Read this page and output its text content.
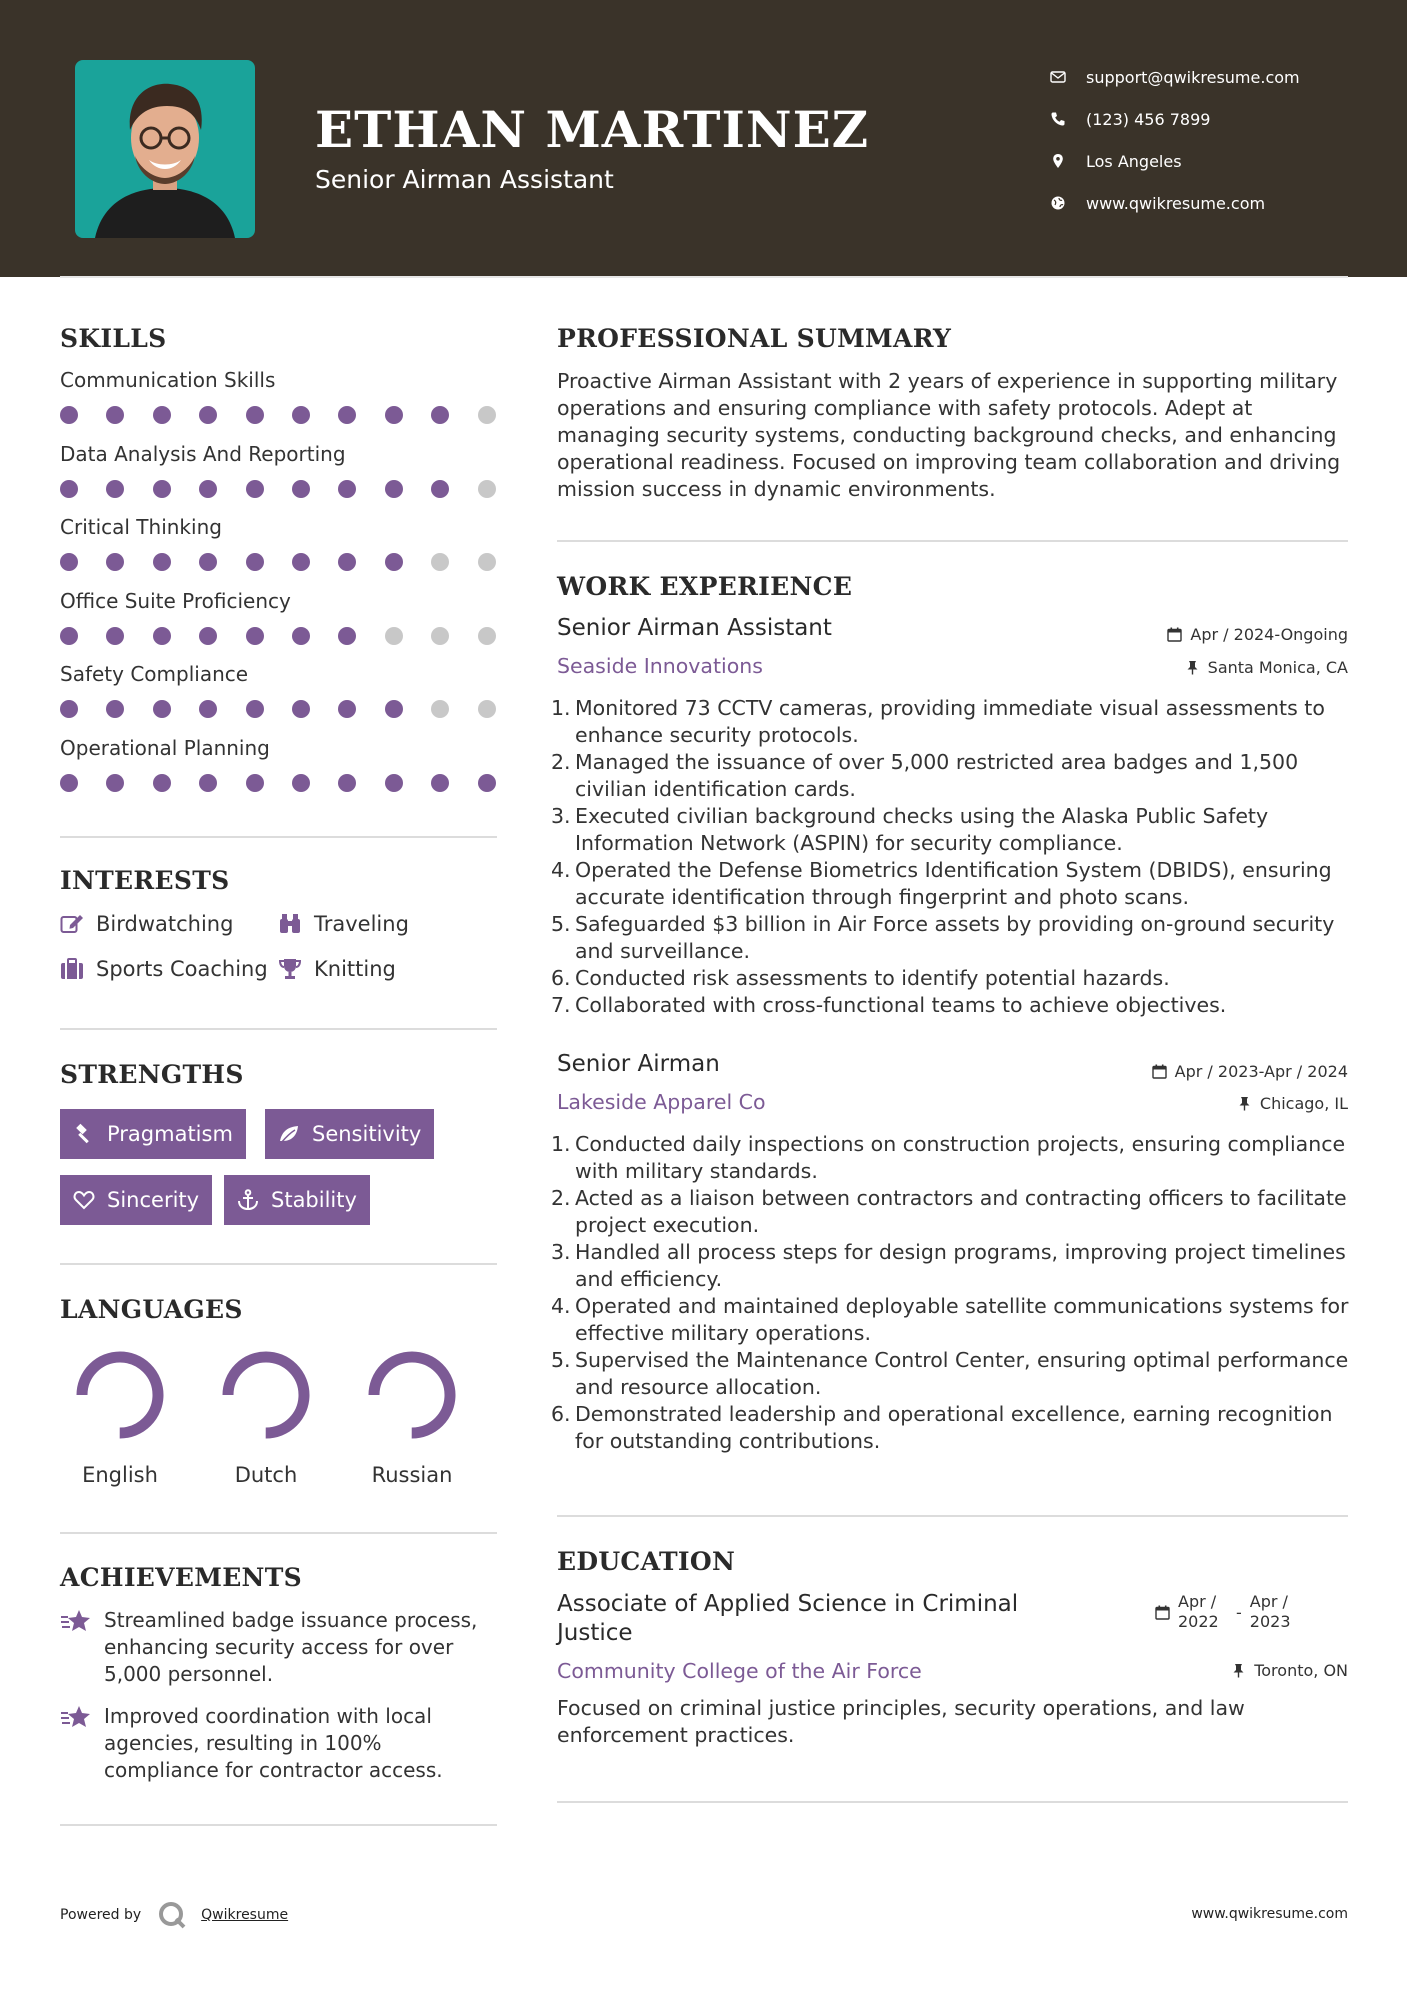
ETHAN MARTINEZ
Senior Airman Assistant
support@qwikresume.com
(123) 456 7899
Los Angeles
www.qwikresume.com
SKILLS
Communication Skills
Data Analysis And Reporting
Critical Thinking
Office Suite Proficiency
Safety Compliance
Operational Planning
INTERESTS
Birdwatching	Traveling
Sports Coaching Knitting
STRENGTHS
Pragmatism	Sensitivity
Sincerity	Stability
LANGUAGES
English	Dutch	Russian
ACHIEVEMENTS
Streamlined badge issuance process, enhancing security access for over 5,000 personnel.
Improved coordination with local agencies, resulting in 100% compliance for contractor access.
PROFESSIONAL SUMMARY
Proactive Airman Assistant with 2 years of experience in supporting military operations and ensuring compliance with safety protocols. Adept at managing security systems, conducting background checks, and enhancing operational readiness. Focused on improving team collaboration and driving mission success in dynamic environments.
WORK EXPERIENCE
Senior Airman Assistant	Apr / 2024-Ongoing
Seaside Innovations	Santa Monica, CA
1. Monitored 73 CCTV cameras, providing immediate visual assessments to enhance security protocols.
2. Managed the issuance of over 5,000 restricted area badges and 1,500 civilian identification cards.
3. Executed civilian background checks using the Alaska Public Safety Information Network (ASPIN) for security compliance.
4. Operated the Defense Biometrics Identification System (DBIDS), ensuring accurate identification through fingerprint and photo scans.
5. Safeguarded $3 billion in Air Force assets by providing on-ground security and surveillance.
6. Conducted risk assessments to identify potential hazards.
7. Collaborated with cross-functional teams to achieve objectives.
Senior Airman	Apr / 2023-Apr / 2024
Lakeside Apparel Co	Chicago, IL
1. Conducted daily inspections on construction projects, ensuring compliance with military standards.
2. Acted as a liaison between contractors and contracting officers to facilitate project execution.
3. Handled all process steps for design programs, improving project timelines and efficiency.
4. Operated and maintained deployable satellite communications systems for effective military operations.
5. Supervised the Maintenance Control Center, ensuring optimal performance and resource allocation.
6. Demonstrated leadership and operational excellence, earning recognition for outstanding contributions.
EDUCATION
Associate of Applied Science in Criminal Justice
Apr / 2022	-
Apr / 2023
Community College of the Air Force	Toronto, ON
Focused on criminal justice principles, security operations, and law enforcement practices.
Powered by	Qwikresume	www.qwikresume.com
